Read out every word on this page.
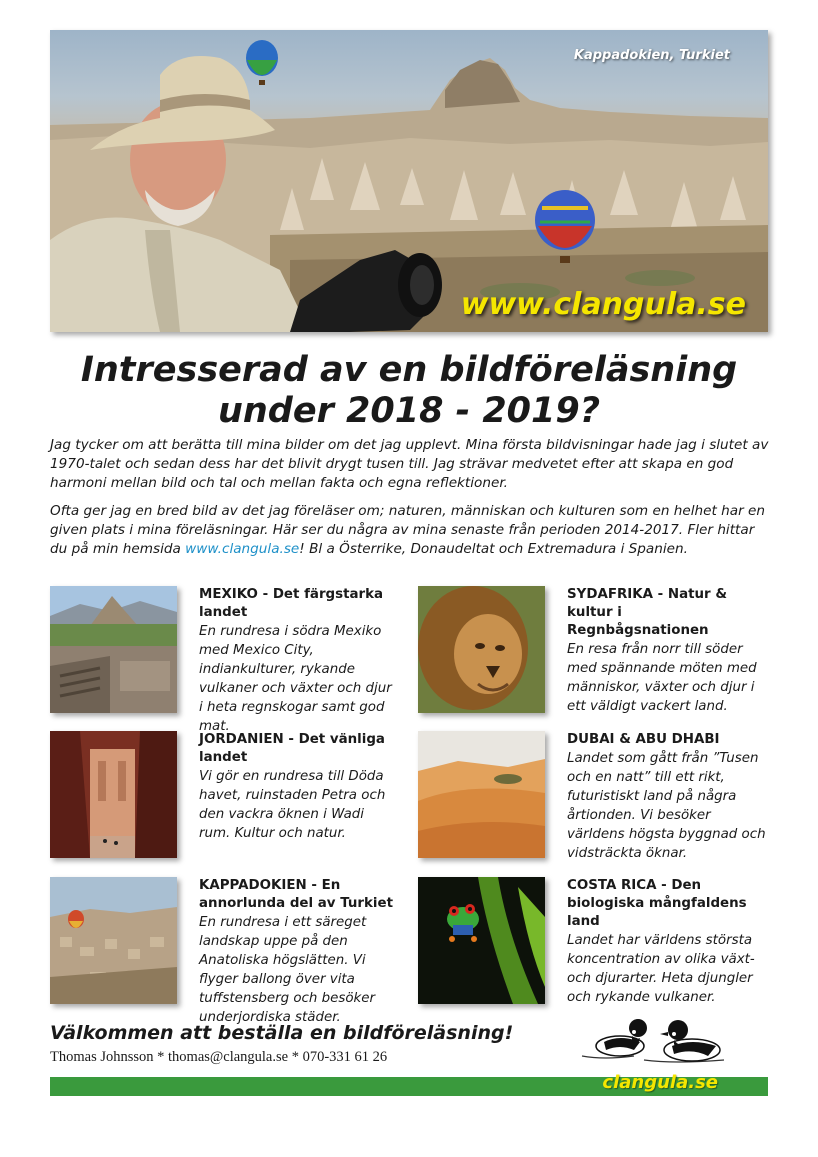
Kappadokien, Turkiet
www.clangula.se
Intresserad av en bildföreläsning
under 2018 - 2019?

Jag tycker om att berätta till mina bilder om det jag upplevt. Mina första bildvisningar hade jag i slutet av 1970-talet och sedan dess har det blivit drygt tusen till. Jag strävar medvetet efter att skapa en god harmoni mellan bild och tal och mellan fakta och egna reflektioner.

Ofta ger jag en bred bild av det jag föreläser om; naturen, människan och kulturen som en helhet har en given plats i mina föreläsningar. Här ser du några av mina senaste från perioden 2014-2017. Fler hittar du på min hemsida www.clangula.se! Bl a Österrike, Donaudeltat och Extremadura i Spanien.

MEXIKO - Det färgstarka landet

En rundresa i södra Mexiko med Mexico City, indiankulturer, rykande vulkaner och växter och djur i heta regnskogar samt god mat.

JORDANIEN - Det vänliga landet

Vi gör en rundresa till Döda havet, ruinstaden Petra och den vackra öknen i Wadi rum. Kultur och natur.

KAPPADOKIEN - En annorlunda del av Turkiet

En rundresa i ett säreget landskap uppe på den Anatoliska högslätten. Vi flyger ballong över vita tuffstensberg och besöker underjordiska städer.

SYDAFRIKA - Natur & kultur i Regnbågsnationen

En resa från norr till söder med spännande möten med människor, växter och djur i ett väldigt vackert land.

DUBAI & ABU DHABI

Landet som gått från ”Tusen och en natt” till ett rikt, futuristiskt land på några årtionden. Vi besöker världens högsta byggnad och vidsträckta öknar.

COSTA RICA - Den biologiska mångfaldens land

Landet har världens största koncentration av olika växt- och djurarter. Heta djungler och rykande vulkaner.

Välkommen att beställa en bildföreläsning!
Thomas Johnsson * thomas@clangula.se * 070-331 61 26
clangula.se
